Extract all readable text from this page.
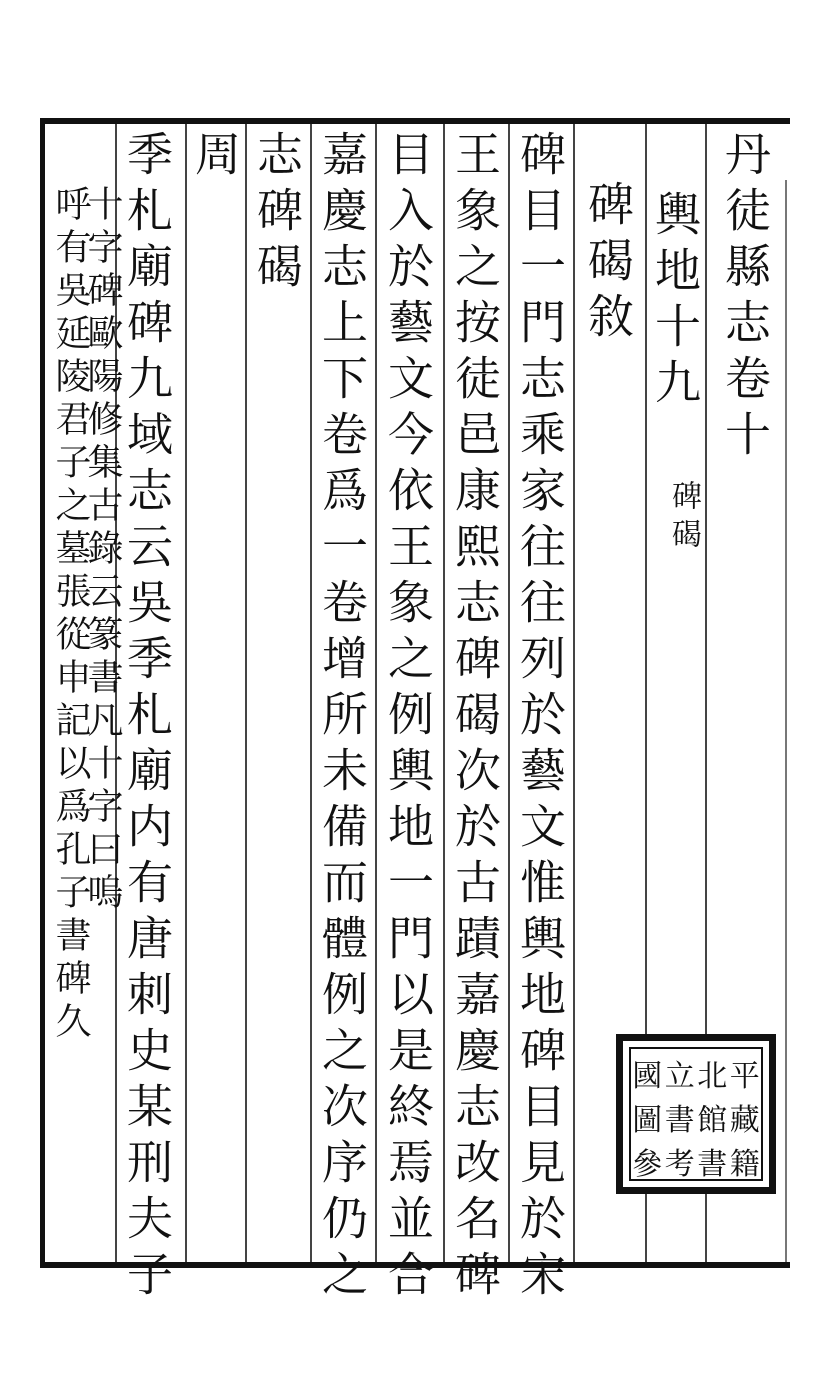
丹徒縣志卷十
輿地十九
碑碣
碑碣敘
碑目一門志乘家往往列於藝文惟輿地碑目見於宋
王象之按徒邑康熙志碑碣次於古蹟嘉慶志改名碑
目入於藝文今依王象之例輿地一門以是終焉並合
嘉慶志上下卷爲一卷增所未備而體例之次序仍之
志碑碣
周
季札廟碑九域志云吳季札廟内有唐刺史某刑夫子
十字碑歐陽修集古錄云篆書凡十字曰嗚
呼有吳延陵君子之墓張從申記以爲孔子書碑久
國 立 北 平
圖 書 館 藏
參 考 書 籍
